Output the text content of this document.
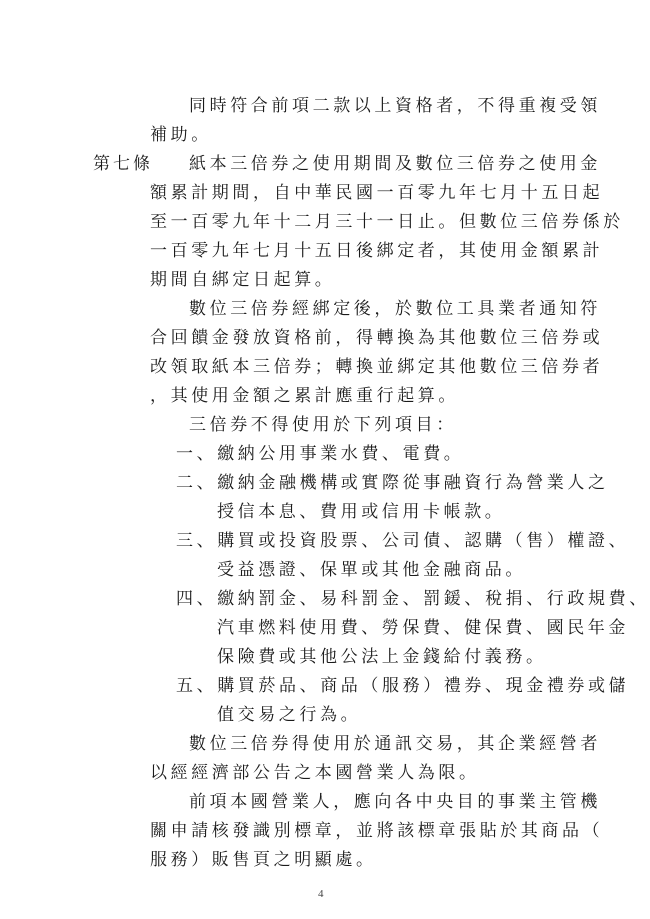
同時符合前項二款以上資格者，不得重複受領
補助。
第七條 紙本三倍券之使用期間及數位三倍券之使用金
額累計期間，自中華民國一百零九年七月十五日起
至一百零九年十二月三十一日止。但數位三倍券係於
一百零九年七月十五日後綁定者，其使用金額累計
期間自綁定日起算。
數位三倍券經綁定後，於數位工具業者通知符
合回饋金發放資格前，得轉換為其他數位三倍券或
改領取紙本三倍券；轉換並綁定其他數位三倍券者
，其使用金額之累計應重行起算。
三倍券不得使用於下列項目：
一、繳納公用事業水費、電費。
二、繳納金融機構或實際從事融資行為營業人之
授信本息、費用或信用卡帳款。
三、購買或投資股票、公司債、認購（售）權證、
受益憑證、保單或其他金融商品。
四、繳納罰金、易科罰金、罰鍰、稅捐、行政規費、
汽車燃料使用費、勞保費、健保費、國民年金
保險費或其他公法上金錢給付義務。
五、購買菸品、商品（服務）禮券、現金禮券或儲
值交易之行為。
數位三倍券得使用於通訊交易，其企業經營者
以經經濟部公告之本國營業人為限。
前項本國營業人，應向各中央目的事業主管機
關申請核發識別標章，並將該標章張貼於其商品（
服務）販售頁之明顯處。
4
